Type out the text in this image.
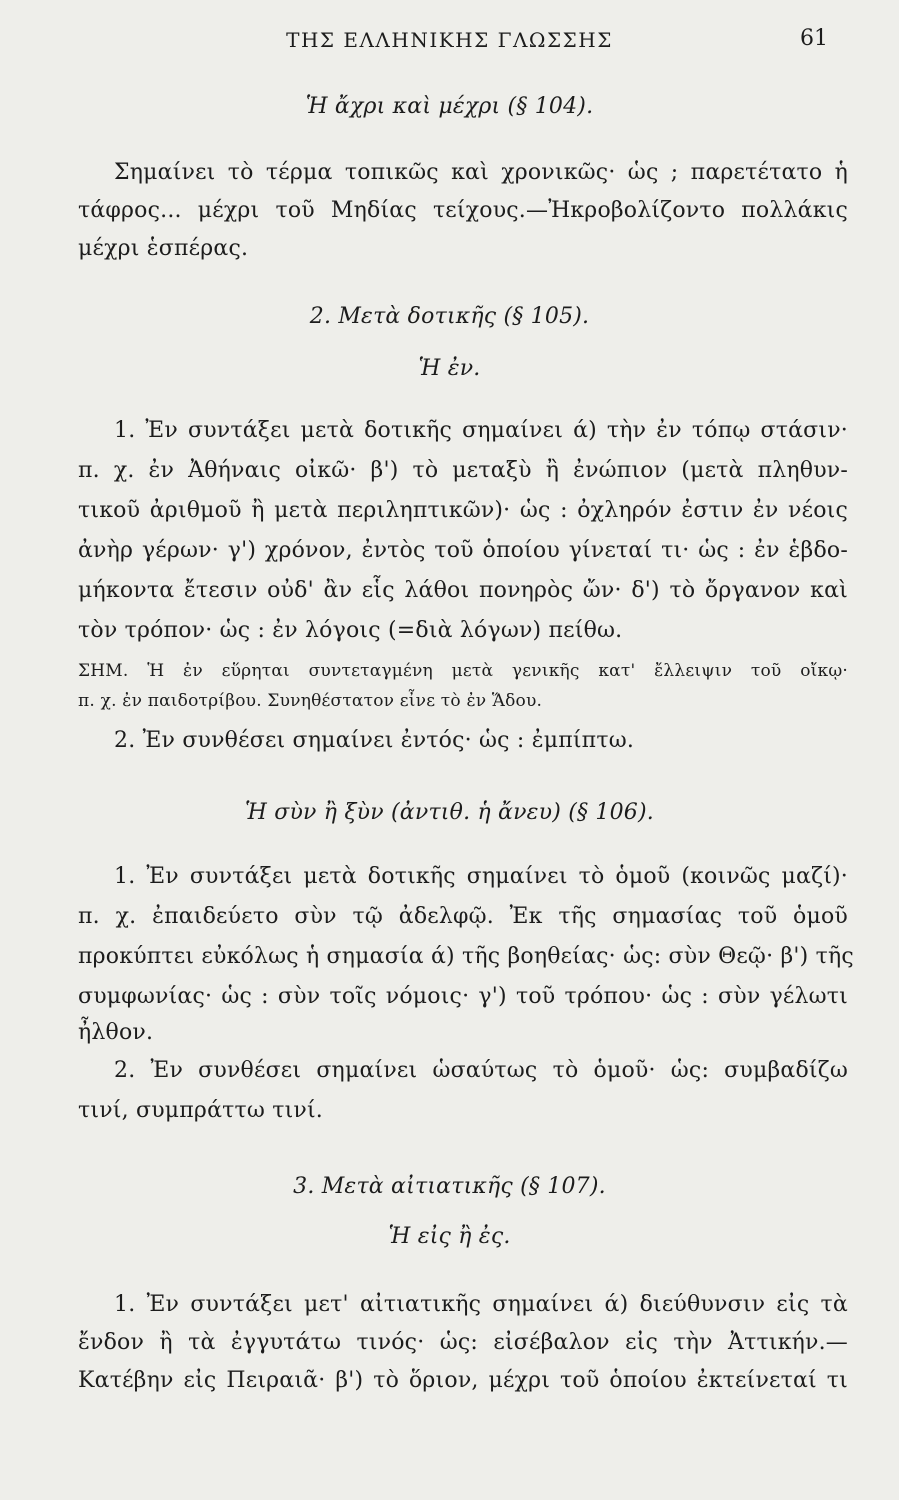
ΤΗΣ ΕΛΛΗΝΙΚΗΣ ΓΛΩΣΣΗΣ	61
Ἡ ἄχρι καὶ μέχρι (§ 104).
Σημαίνει τὸ τέρμα τοπικῶς καὶ χρονικῶς· ὡς ; παρετέτατο ἡ
τάφρος... μέχρι τοῦ Μηδίας τείχους.—Ἠκροβολίζοντο πολλάκις
μέχρι ἑσπέρας.
2. Μετὰ δοτικῆς (§ 105).
Ἡ ἐν.
1. Ἐν συντάξει μετὰ δοτικῆς σημαίνει ά) τὴν ἐν τόπῳ στάσιν·
π. χ. ἐν Ἀθήναις οἰκῶ· β') τὸ μεταξὺ ἢ ἐνώπιον (μετὰ πληθυν-
τικοῦ ἀριθμοῦ ἢ μετὰ περιληπτικῶν)· ὡς : ὀχληρόν ἐστιν ἐν νέοις
ἀνὴρ γέρων· γ') χρόνον, ἐντὸς τοῦ ὁποίου γίνεταί τι· ὡς : ἐν ἑβδο-
μήκοντα ἔτεσιν οὐδ' ἂν εἷς λάθοι πονηρὸς ὤν· δ') τὸ ὄργανον καὶ
τὸν τρόπον· ὡς : ἐν λόγοις (=διὰ λόγων) πείθω.
ΣΗΜ. Ἡ ἐν εὕρηται συντεταγμένη μετὰ γενικῆς κατ' ἔλλειψιν τοῦ οἴκῳ·
π. χ. ἐν παιδοτρίβου. Συνηθέστατον εἶνε τὸ ἐν Ἅδου.
2. Ἐν συνθέσει σημαίνει ἐντός· ὡς : ἐμπίπτω.
Ἡ σὺν ἢ ξὺν (ἀντιθ. ἡ ἄνευ) (§ 106).
1. Ἐν συντάξει μετὰ δοτικῆς σημαίνει τὸ ὁμοῦ (κοινῶς μαζί)·
π. χ. ἐπαιδεύετο σὺν τῷ ἀδελφῷ. Ἐκ τῆς σημασίας τοῦ ὁμοῦ
προκύπτει εὐκόλως ἡ σημασία ά) τῆς βοηθείας· ὡς: σὺν Θεῷ· β') τῆς
συμφωνίας· ὡς : σὺν τοῖς νόμοις· γ') τοῦ τρόπου· ὡς : σὺν γέλωτι
ἦλθον.
2. Ἐν συνθέσει σημαίνει ὡσαύτως τὸ ὁμοῦ· ὡς: συμβαδίζω
τινί, συμπράττω τινί.
3. Μετὰ αἰτιατικῆς (§ 107).
Ἡ εἰς ἢ ἐς.
1. Ἐν συντάξει μετ' αἰτιατικῆς σημαίνει ά) διεύθυνσιν εἰς τὰ
ἔνδον ἢ τὰ ἐγγυτάτω τινός· ὡς: εἰσέβαλον εἰς τὴν Ἀττικήν.—
Κατέβην εἰς Πειραιᾶ· β') τὸ ὅριον, μέχρι τοῦ ὁποίου ἐκτείνεταί τι
